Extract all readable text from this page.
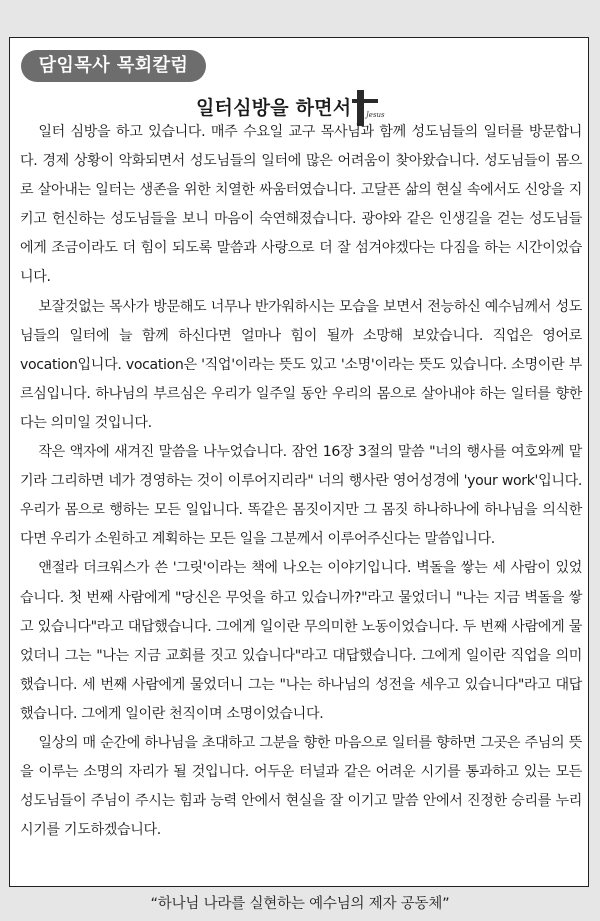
담임목사 목회칼럼
일터심방을 하면서 Jesus

일터 심방을 하고 있습니다. 매주 수요일 교구 목사님과 함께 성도님들의 일터를 방문합니다. 경제 상황이 악화되면서 성도님들의 일터에 많은 어려움이 찾아왔습니다. 성도님들이 몸으로 살아내는 일터는 생존을 위한 치열한 싸움터였습니다. 고달픈 삶의 현실 속에서도 신앙을 지키고 헌신하는 성도님들을 보니 마음이 숙연해졌습니다. 광야와 같은 인생길을 걷는 성도님들에게 조금이라도 더 힘이 되도록 말씀과 사랑으로 더 잘 섬겨야겠다는 다짐을 하는 시간이었습니다.

보잘것없는 목사가 방문해도 너무나 반가워하시는 모습을 보면서 전능하신 예수님께서 성도님들의 일터에 늘 함께 하신다면 얼마나 힘이 될까 소망해 보았습니다. 직업은 영어로 vocation입니다. vocation은 '직업'이라는 뜻도 있고 '소명'이라는 뜻도 있습니다. 소명이란 부르심입니다. 하나님의 부르심은 우리가 일주일 동안 우리의 몸으로 살아내야 하는 일터를 향한다는 의미일 것입니다.

작은 액자에 새겨진 말씀을 나누었습니다. 잠언 16장 3절의 말씀 "너의 행사를 여호와께 맡기라 그리하면 네가 경영하는 것이 이루어지리라" 너의 행사란 영어성경에 'your work'입니다. 우리가 몸으로 행하는 모든 일입니다. 똑같은 몸짓이지만 그 몸짓 하나하나에 하나님을 의식한다면 우리가 소원하고 계획하는 모든 일을 그분께서 이루어주신다는 말씀입니다.

앤절라 더크워스가 쓴 '그릿'이라는 책에 나오는 이야기입니다. 벽돌을 쌓는 세 사람이 있었습니다. 첫 번째 사람에게 "당신은 무엇을 하고 있습니까?"라고 물었더니 "나는 지금 벽돌을 쌓고 있습니다"라고 대답했습니다. 그에게 일이란 무의미한 노동이었습니다. 두 번째 사람에게 물었더니 그는 "나는 지금 교회를 짓고 있습니다"라고 대답했습니다. 그에게 일이란 직업을 의미했습니다. 세 번째 사람에게 물었더니 그는 "나는 하나님의 성전을 세우고 있습니다"라고 대답했습니다. 그에게 일이란 천직이며 소명이었습니다.

일상의 매 순간에 하나님을 초대하고 그분을 향한 마음으로 일터를 향하면 그곳은 주님의 뜻을 이루는 소명의 자리가 될 것입니다. 어두운 터널과 같은 어려운 시기를 통과하고 있는 모든 성도님들이 주님이 주시는 힘과 능력 안에서 현실을 잘 이기고 말씀 안에서 진정한 승리를 누리시기를 기도하겠습니다.

“하나님 나라를 실현하는 예수님의 제자 공동체”
